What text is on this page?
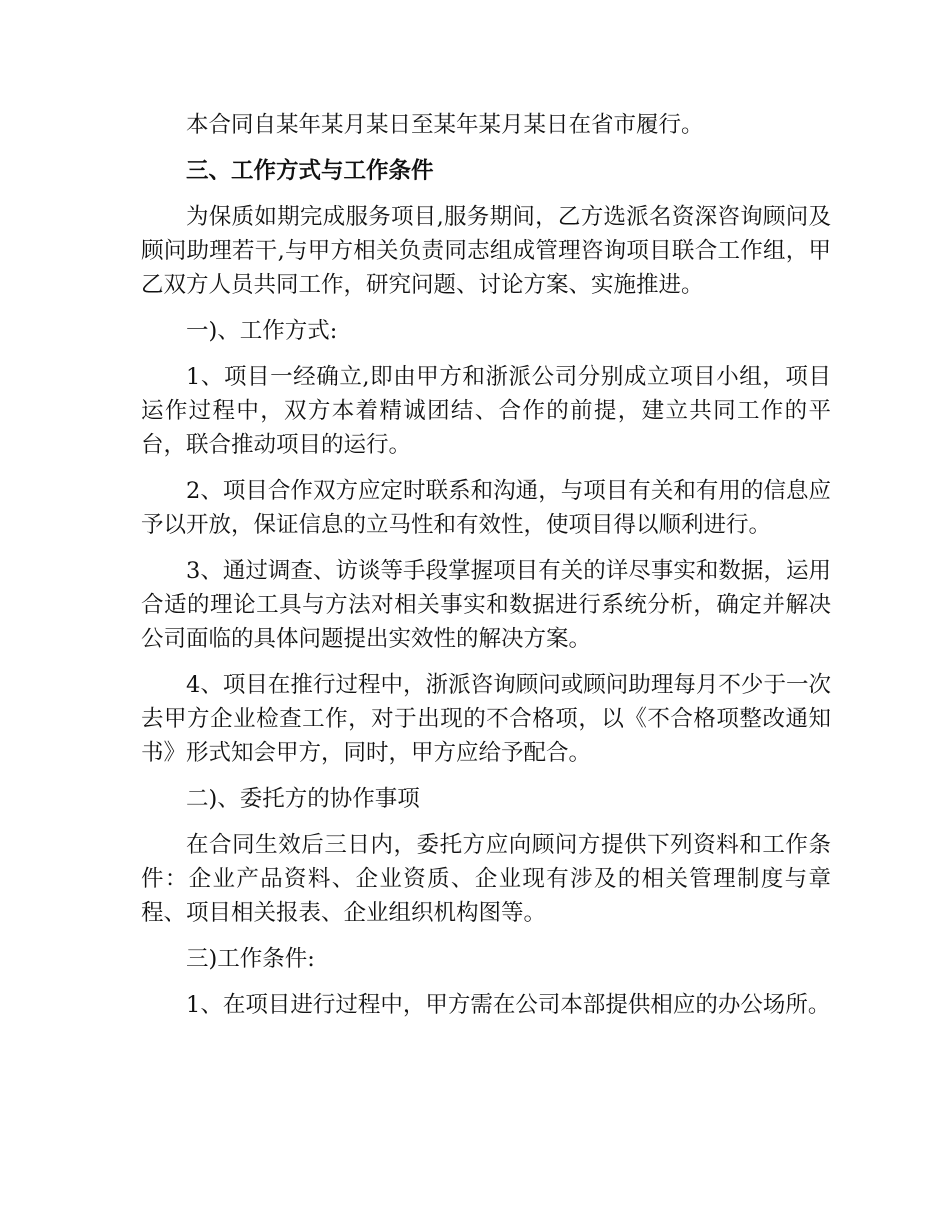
本合同自某年某月某日至某年某月某日在省市履行。

三、工作方式与工作条件

为保质如期完成服务项目,服务期间，乙方选派名资深咨询顾问及顾问助理若干,与甲方相关负责同志组成管理咨询项目联合工作组，甲乙双方人员共同工作，研究问题、讨论方案、实施推进。

一)、工作方式:

1、项目一经确立,即由甲方和浙派公司分别成立项目小组，项目运作过程中，双方本着精诚团结、合作的前提，建立共同工作的平台，联合推动项目的运行。

2、项目合作双方应定时联系和沟通，与项目有关和有用的信息应予以开放，保证信息的立马性和有效性，使项目得以顺利进行。

3、通过调查、访谈等手段掌握项目有关的详尽事实和数据，运用合适的理论工具与方法对相关事实和数据进行系统分析，确定并解决公司面临的具体问题提出实效性的解决方案。

4、项目在推行过程中，浙派咨询顾问或顾问助理每月不少于一次去甲方企业检查工作，对于出现的不合格项，以《不合格项整改通知书》形式知会甲方，同时，甲方应给予配合。

二)、委托方的协作事项

在合同生效后三日内，委托方应向顾问方提供下列资料和工作条件：企业产品资料、企业资质、企业现有涉及的相关管理制度与章程、项目相关报表、企业组织机构图等。

三)工作条件:

1、在项目进行过程中，甲方需在公司本部提供相应的办公场所。
